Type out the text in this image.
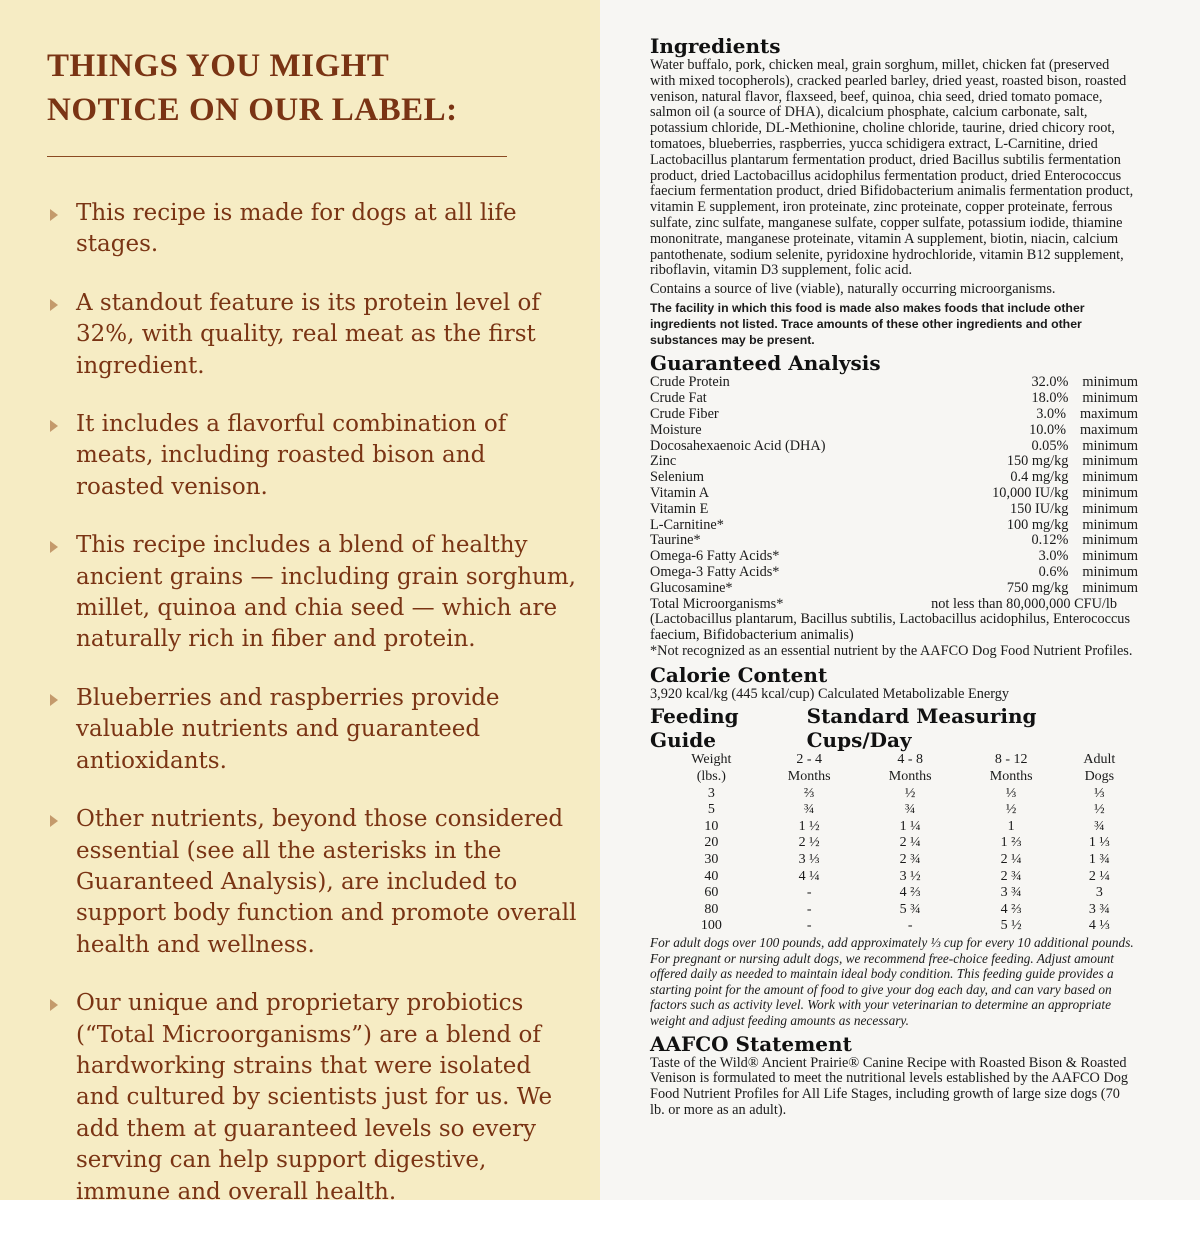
THINGS YOU MIGHT
NOTICE ON OUR LABEL:
This recipe is made for dogs at all life stages.
A standout feature is its protein level of 32%, with quality, real meat as the first ingredient.
It includes a flavorful combination of meats, including roasted bison and roasted venison.
This recipe includes a blend of healthy ancient grains — including grain sorghum, millet, quinoa and chia seed — which are naturally rich in fiber and protein.
Blueberries and raspberries provide valuable nutrients and guaranteed antioxidants.
Other nutrients, beyond those considered essential (see all the asterisks in the Guaranteed Analysis), are included to support body function and promote overall health and wellness.
Our unique and proprietary probiotics (“Total Microorganisms”) are a blend of hardworking strains that were isolated and cultured by scientists just for us. We add them at guaranteed levels so every serving can help support digestive, immune and overall health.
Ingredients

Water buffalo, pork, chicken meal, grain sorghum, millet, chicken fat (preserved with mixed tocopherols), cracked pearled barley, dried yeast, roasted bison, roasted venison, natural flavor, flaxseed, beef, quinoa, chia seed, dried tomato pomace, salmon oil (a source of DHA), dicalcium phosphate, calcium carbonate, salt, potassium chloride, DL-Methionine, choline chloride, taurine, dried chicory root, tomatoes, blueberries, raspberries, yucca schidigera extract, L-Carnitine, dried Lactobacillus plantarum fermentation product, dried Bacillus subtilis fermentation product, dried Lactobacillus acidophilus fermentation product, dried Enterococcus faecium fermentation product, dried Bifidobacterium animalis fermentation product, vitamin E supplement, iron proteinate, zinc proteinate, copper proteinate, ferrous sulfate, zinc sulfate, manganese sulfate, copper sulfate, potassium iodide, thiamine mononitrate, manganese proteinate, vitamin A supplement, biotin, niacin, calcium pantothenate, sodium selenite, pyridoxine hydrochloride, vitamin B12 supplement, riboflavin, vitamin D3 supplement, folic acid.

Contains a source of live (viable), naturally occurring microorganisms.

The facility in which this food is made also makes foods that include other ingredients not listed. Trace amounts of these other ingredients and other substances may be present.

Guaranteed Analysis
Crude Protein	32.0% minimum
Crude Fat	18.0% minimum
Crude Fiber	3.0% maximum
Moisture	10.0% maximum
Docosahexaenoic Acid (DHA)	0.05% minimum
Zinc	150 mg/kg minimum
Selenium	0.4 mg/kg minimum
Vitamin A	10,000 IU/kg minimum
Vitamin E	150 IU/kg minimum
L-Carnitine*	100 mg/kg minimum
Taurine*	0.12% minimum
Omega-6 Fatty Acids*	3.0% minimum
Omega-3 Fatty Acids*	0.6% minimum
Glucosamine*	750 mg/kg minimum
Total Microorganisms*	not less than 80,000,000 CFU/lb

(Lactobacillus plantarum, Bacillus subtilis, Lactobacillus acidophilus, Enterococcus faecium, Bifidobacterium animalis)

*Not recognized as an essential nutrient by the AAFCO Dog Food Nutrient Profiles.

Calorie Content

3,920 kcal/kg (445 kcal/cup) Calculated Metabolizable Energy

Feeding Guide
Standard Measuring Cups/Day
Weight	2 - 4	4 - 8	8 - 12	Adult
(lbs.)	Months	Months	Months	Dogs
3	⅔	½	⅓	⅓
5	¾	¾	½	½
10	1 ½	1 ¼	1	¾
20	2 ½	2 ¼	1 ⅔	1 ⅓
30	3 ⅓	2 ¾	2 ¼	1 ¾
40	4 ¼	3 ½	2 ¾	2 ¼
60	-	4 ⅔	3 ¾	3
80	-	5 ¾	4 ⅔	3 ¾
100	-	-	5 ½	4 ⅓

For adult dogs over 100 pounds, add approximately ⅓ cup for every 10 additional pounds. For pregnant or nursing adult dogs, we recommend free-choice feeding. Adjust amount offered daily as needed to maintain ideal body condition. This feeding guide provides a starting point for the amount of food to give your dog each day, and can vary based on factors such as activity level. Work with your veterinarian to determine an appropriate weight and adjust feeding amounts as necessary.

AAFCO Statement

Taste of the Wild® Ancient Prairie® Canine Recipe with Roasted Bison & Roasted Venison is formulated to meet the nutritional levels established by the AAFCO Dog Food Nutrient Profiles for All Life Stages, including growth of large size dogs (70 lb. or more as an adult).
